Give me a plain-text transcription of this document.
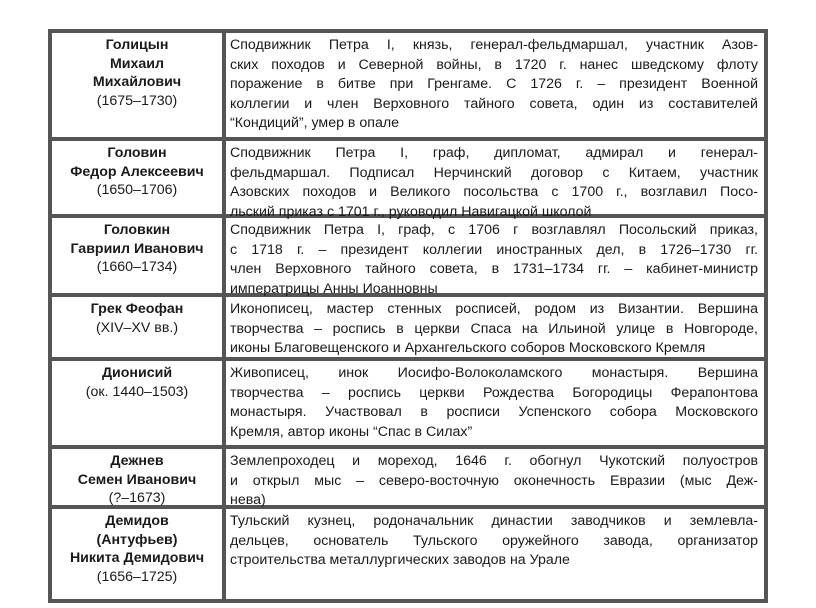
Голицын
Михаил
Михайлович
(1675–1730)
Сподвижник Петра I, князь, генерал-фельдмаршал, участник Азов-
ских походов и Северной войны, в 1720 г. нанес шведскому флоту
поражение в битве при Гренгаме. С 1726 г. – президент Военной
коллегии и член Верховного тайного совета, один из составителей
“Кондиций”, умер в опале
Головин
Федор Алексеевич
(1650–1706)
Сподвижник Петра I, граф, дипломат, адмирал и генерал-
фельдмаршал. Подписал Нерчинский договор с Китаем, участник
Азовских походов и Великого посольства с 1700 г., возглавил Посо-
льский приказ с 1701 г., руководил Навигацкой школой
Головкин
Гавриил Иванович
(1660–1734)
Сподвижник Петра I, граф, с 1706 г возглавлял Посольский приказ,
с 1718 г. – президент коллегии иностранных дел, в 1726–1730 гг.
член Верховного тайного совета, в 1731–1734 гг. – кабинет-министр
императрицы Анны Иоанновны
Грек Феофан
(XIV–XV вв.)
Иконописец, мастер стенных росписей, родом из Византии. Вершина
творчества – роспись в церкви Спаса на Ильиной улице в Новгороде,
иконы Благовещенского и Архангельского соборов Московского Кремля
Дионисий
(ок. 1440–1503)
Живописец, инок Иосифо-Волоколамского монастыря. Вершина
творчества – роспись церкви Рождества Богородицы Ферапонтова
монастыря. Участвовал в росписи Успенского собора Московского
Кремля, автор иконы “Спас в Силах”
Дежнев
Семен Иванович
(?–1673)
Землепроходец и мореход, 1646 г. обогнул Чукотский полуостров
и открыл мыс – северо-восточную оконечность Евразии (мыс Деж-
нева)
Демидов
(Антуфьев)
Никита Демидович
(1656–1725)
Тульский кузнец, родоначальник династии заводчиков и землевла-
дельцев, основатель Тульского оружейного завода, организатор
строительства металлургических заводов на Урале
